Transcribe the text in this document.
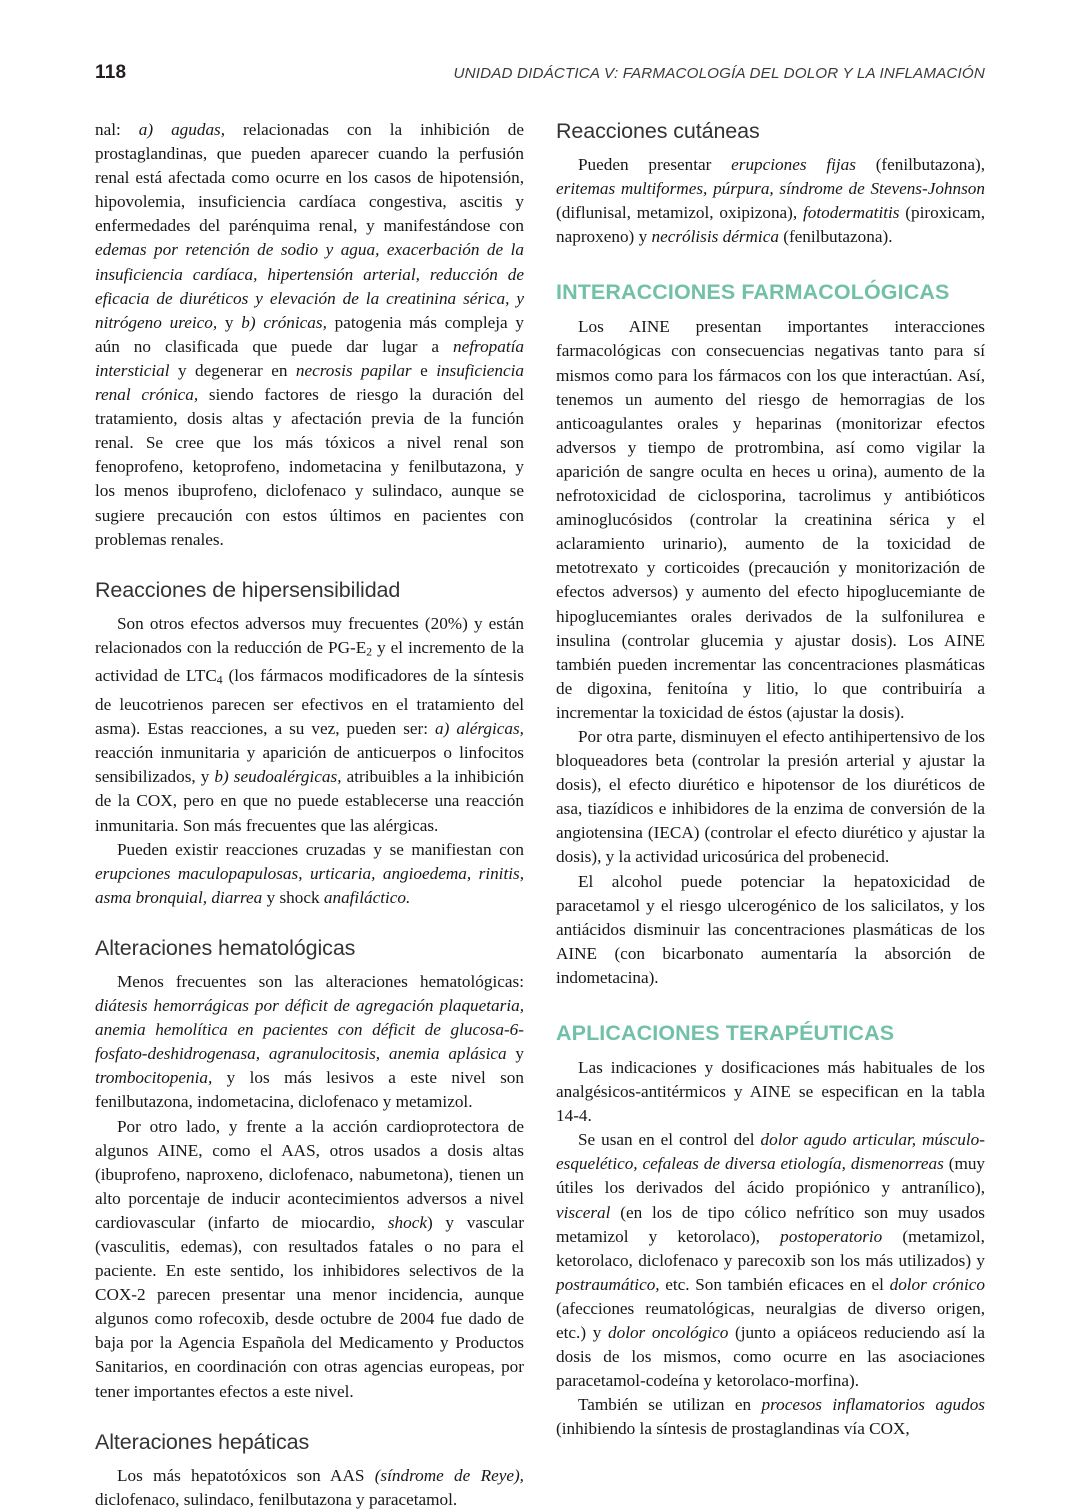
118	UNIDAD DIDÁCTICA V: FARMACOLOGÍA DEL DOLOR Y LA INFLAMACIÓN

nal: a) agudas, relacionadas con la inhibición de prostaglandinas, que pueden aparecer cuando la perfusión renal está afectada como ocurre en los casos de hipotensión, hipovolemia, insuficiencia cardíaca congestiva, ascitis y enfermedades del parénquima renal, y manifestándose con edemas por retención de sodio y agua, exacerbación de la insuficiencia cardíaca, hipertensión arterial, reducción de eficacia de diuréticos y elevación de la creatinina sérica, y nitrógeno ureico, y b) crónicas, patogenia más compleja y aún no clasificada que puede dar lugar a nefropatía intersticial y degenerar en necrosis papilar e insuficiencia renal crónica, siendo factores de riesgo la duración del tratamiento, dosis altas y afectación previa de la función renal. Se cree que los más tóxicos a nivel renal son fenoprofeno, ketoprofeno, indometacina y fenilbutazona, y los menos ibuprofeno, diclofenaco y sulindaco, aunque se sugiere precaución con estos últimos en pacientes con problemas renales.

Reacciones de hipersensibilidad

Son otros efectos adversos muy frecuentes (20%) y están relacionados con la reducción de $PG-E_2$ y el incremento de la actividad de $LTC_4$ (los fármacos modificadores de la síntesis de leucotrienos parecen ser efectivos en el tratamiento del asma). Estas reacciones, a su vez, pueden ser: a) alérgicas, reacción inmunitaria y aparición de anticuerpos o linfocitos sensibilizados, y b) seudoalérgicas, atribuibles a la inhibición de la COX, pero en que no puede establecerse una reacción inmunitaria. Son más frecuentes que las alérgicas.

Pueden existir reacciones cruzadas y se manifiestan con erupciones maculopapulosas, urticaria, angioedema, rinitis, asma bronquial, diarrea y shock anafiláctico.

Alteraciones hematológicas

Menos frecuentes son las alteraciones hematológicas: diátesis hemorrágicas por déficit de agregación plaquetaria, anemia hemolítica en pacientes con déficit de glucosa-6-fosfato-deshidrogenasa, agranulocitosis, anemia aplásica y trombocitopenia, y los más lesivos a este nivel son fenilbutazona, indometacina, diclofenaco y metamizol.

Por otro lado, y frente a la acción cardioprotectora de algunos AINE, como el AAS, otros usados a dosis altas (ibuprofeno, naproxeno, diclofenaco, nabumetona), tienen un alto porcentaje de inducir acontecimientos adversos a nivel cardiovascular (infarto de miocardio, shock) y vascular (vasculitis, edemas), con resultados fatales o no para el paciente. En este sentido, los inhibidores selectivos de la COX-2 parecen presentar una menor incidencia, aunque algunos como rofecoxib, desde octubre de 2004 fue dado de baja por la Agencia Española del Medicamento y Productos Sanitarios, en coordinación con otras agencias europeas, por tener importantes efectos a este nivel.

Alteraciones hepáticas

Los más hepatotóxicos son AAS (síndrome de Reye), diclofenaco, sulindaco, fenilbutazona y paracetamol.

Reacciones cutáneas

Pueden presentar erupciones fijas (fenilbutazona), eritemas multiformes, púrpura, síndrome de Stevens-Johnson (diflunisal, metamizol, oxipizona), fotodermatitis (piroxicam, naproxeno) y necrólisis dérmica (fenilbutazona).

INTERACCIONES FARMACOLÓGICAS

Los AINE presentan importantes interacciones farmacológicas con consecuencias negativas tanto para sí mismos como para los fármacos con los que interactúan. Así, tenemos un aumento del riesgo de hemorragias de los anticoagulantes orales y heparinas (monitorizar efectos adversos y tiempo de protrombina, así como vigilar la aparición de sangre oculta en heces u orina), aumento de la nefrotoxicidad de ciclosporina, tacrolimus y antibióticos aminoglucósidos (controlar la creatinina sérica y el aclaramiento urinario), aumento de la toxicidad de metotrexato y corticoides (precaución y monitorización de efectos adversos) y aumento del efecto hipoglucemiante de hipoglucemiantes orales derivados de la sulfonilurea e insulina (controlar glucemia y ajustar dosis). Los AINE también pueden incrementar las concentraciones plasmáticas de digoxina, fenitoína y litio, lo que contribuiría a incrementar la toxicidad de éstos (ajustar la dosis).

Por otra parte, disminuyen el efecto antihipertensivo de los bloqueadores beta (controlar la presión arterial y ajustar la dosis), el efecto diurético e hipotensor de los diuréticos de asa, tiazídicos e inhibidores de la enzima de conversión de la angiotensina (IECA) (controlar el efecto diurético y ajustar la dosis), y la actividad uricosúrica del probenecid.

El alcohol puede potenciar la hepatoxicidad de paracetamol y el riesgo ulcerogénico de los salicilatos, y los antiácidos disminuir las concentraciones plasmáticas de los AINE (con bicarbonato aumentaría la absorción de indometacina).

APLICACIONES TERAPÉUTICAS

Las indicaciones y dosificaciones más habituales de los analgésicos-antitérmicos y AINE se especifican en la tabla 14-4.

Se usan en el control del dolor agudo articular, músculo-esquelético, cefaleas de diversa etiología, dismenorreas (muy útiles los derivados del ácido propiónico y antranílico), visceral (en los de tipo cólico nefrítico son muy usados metamizol y ketorolaco), postoperatorio (metamizol, ketorolaco, diclofenaco y parecoxib son los más utilizados) y postraumático, etc. Son también eficaces en el dolor crónico (afecciones reumatológicas, neuralgias de diverso origen, etc.) y dolor oncológico (junto a opiáceos reduciendo así la dosis de los mismos, como ocurre en las asociaciones paracetamol-codeína y ketorolaco-morfina).

También se utilizan en procesos inflamatorios agudos (inhibiendo la síntesis de prostaglandinas vía COX,
